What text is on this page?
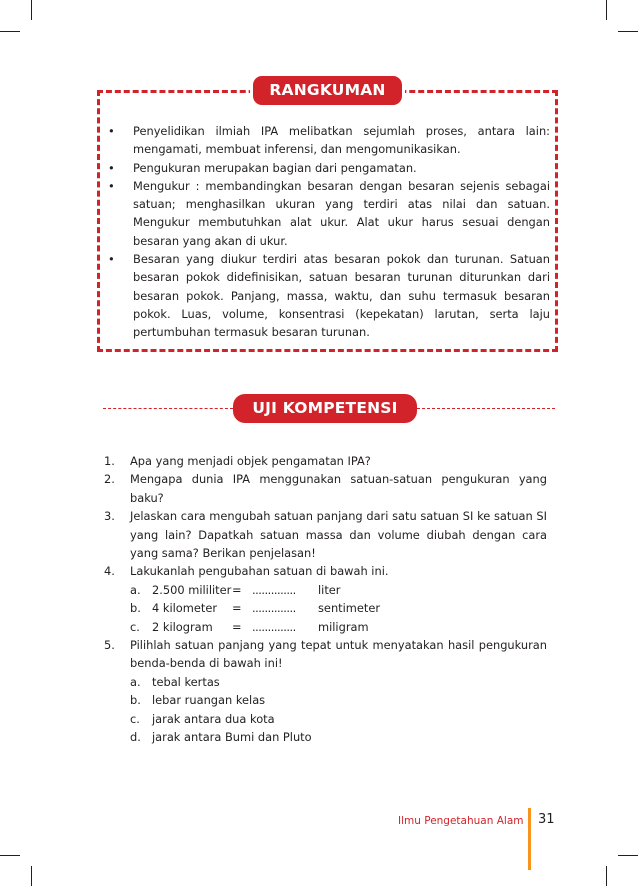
RANGKUMAN
• Penyelidikan ilmiah IPA melibatkan sejumlah proses, antara lain: mengamati, membuat inferensi, dan mengomunikasikan.
• Pengukuran merupakan bagian dari pengamatan.
• Mengukur : membandingkan besaran dengan besaran sejenis sebagai satuan; menghasilkan ukuran yang terdiri atas nilai dan satuan. Mengukur membutuhkan alat ukur. Alat ukur harus sesuai dengan besaran yang akan di ukur.
• Besaran yang diukur terdiri atas besaran pokok dan turunan. Satuan besaran pokok didefinisikan, satuan besaran turunan diturunkan dari besaran pokok. Panjang, massa, waktu, dan suhu termasuk besaran pokok. Luas, volume, konsentrasi (kepekatan) larutan, serta laju pertumbuhan termasuk besaran turunan.
UJI KOMPETENSI
1. Apa yang menjadi objek pengamatan IPA?
2. Mengapa dunia IPA menggunakan satuan-satuan pengukuran yang baku?
3. Jelaskan cara mengubah satuan panjang dari satu satuan SI ke satuan SI yang lain? Dapatkah satuan massa dan volume diubah dengan cara yang sama? Berikan penjelasan!
4. Lakukanlah pengubahan satuan di bawah ini.
a. 2.500 mililiter = ..............	liter
b. 4 kilometer	= ..............	sentimeter
c. 2 kilogram	= ..............	miligram
5. Pilihlah satuan panjang yang tepat untuk menyatakan hasil pengukuran benda-benda di bawah ini!
a. tebal kertas
b. lebar ruangan kelas
c. jarak antara dua kota
d. jarak antara Bumi dan Pluto
Ilmu Pengetahuan Alam 31
